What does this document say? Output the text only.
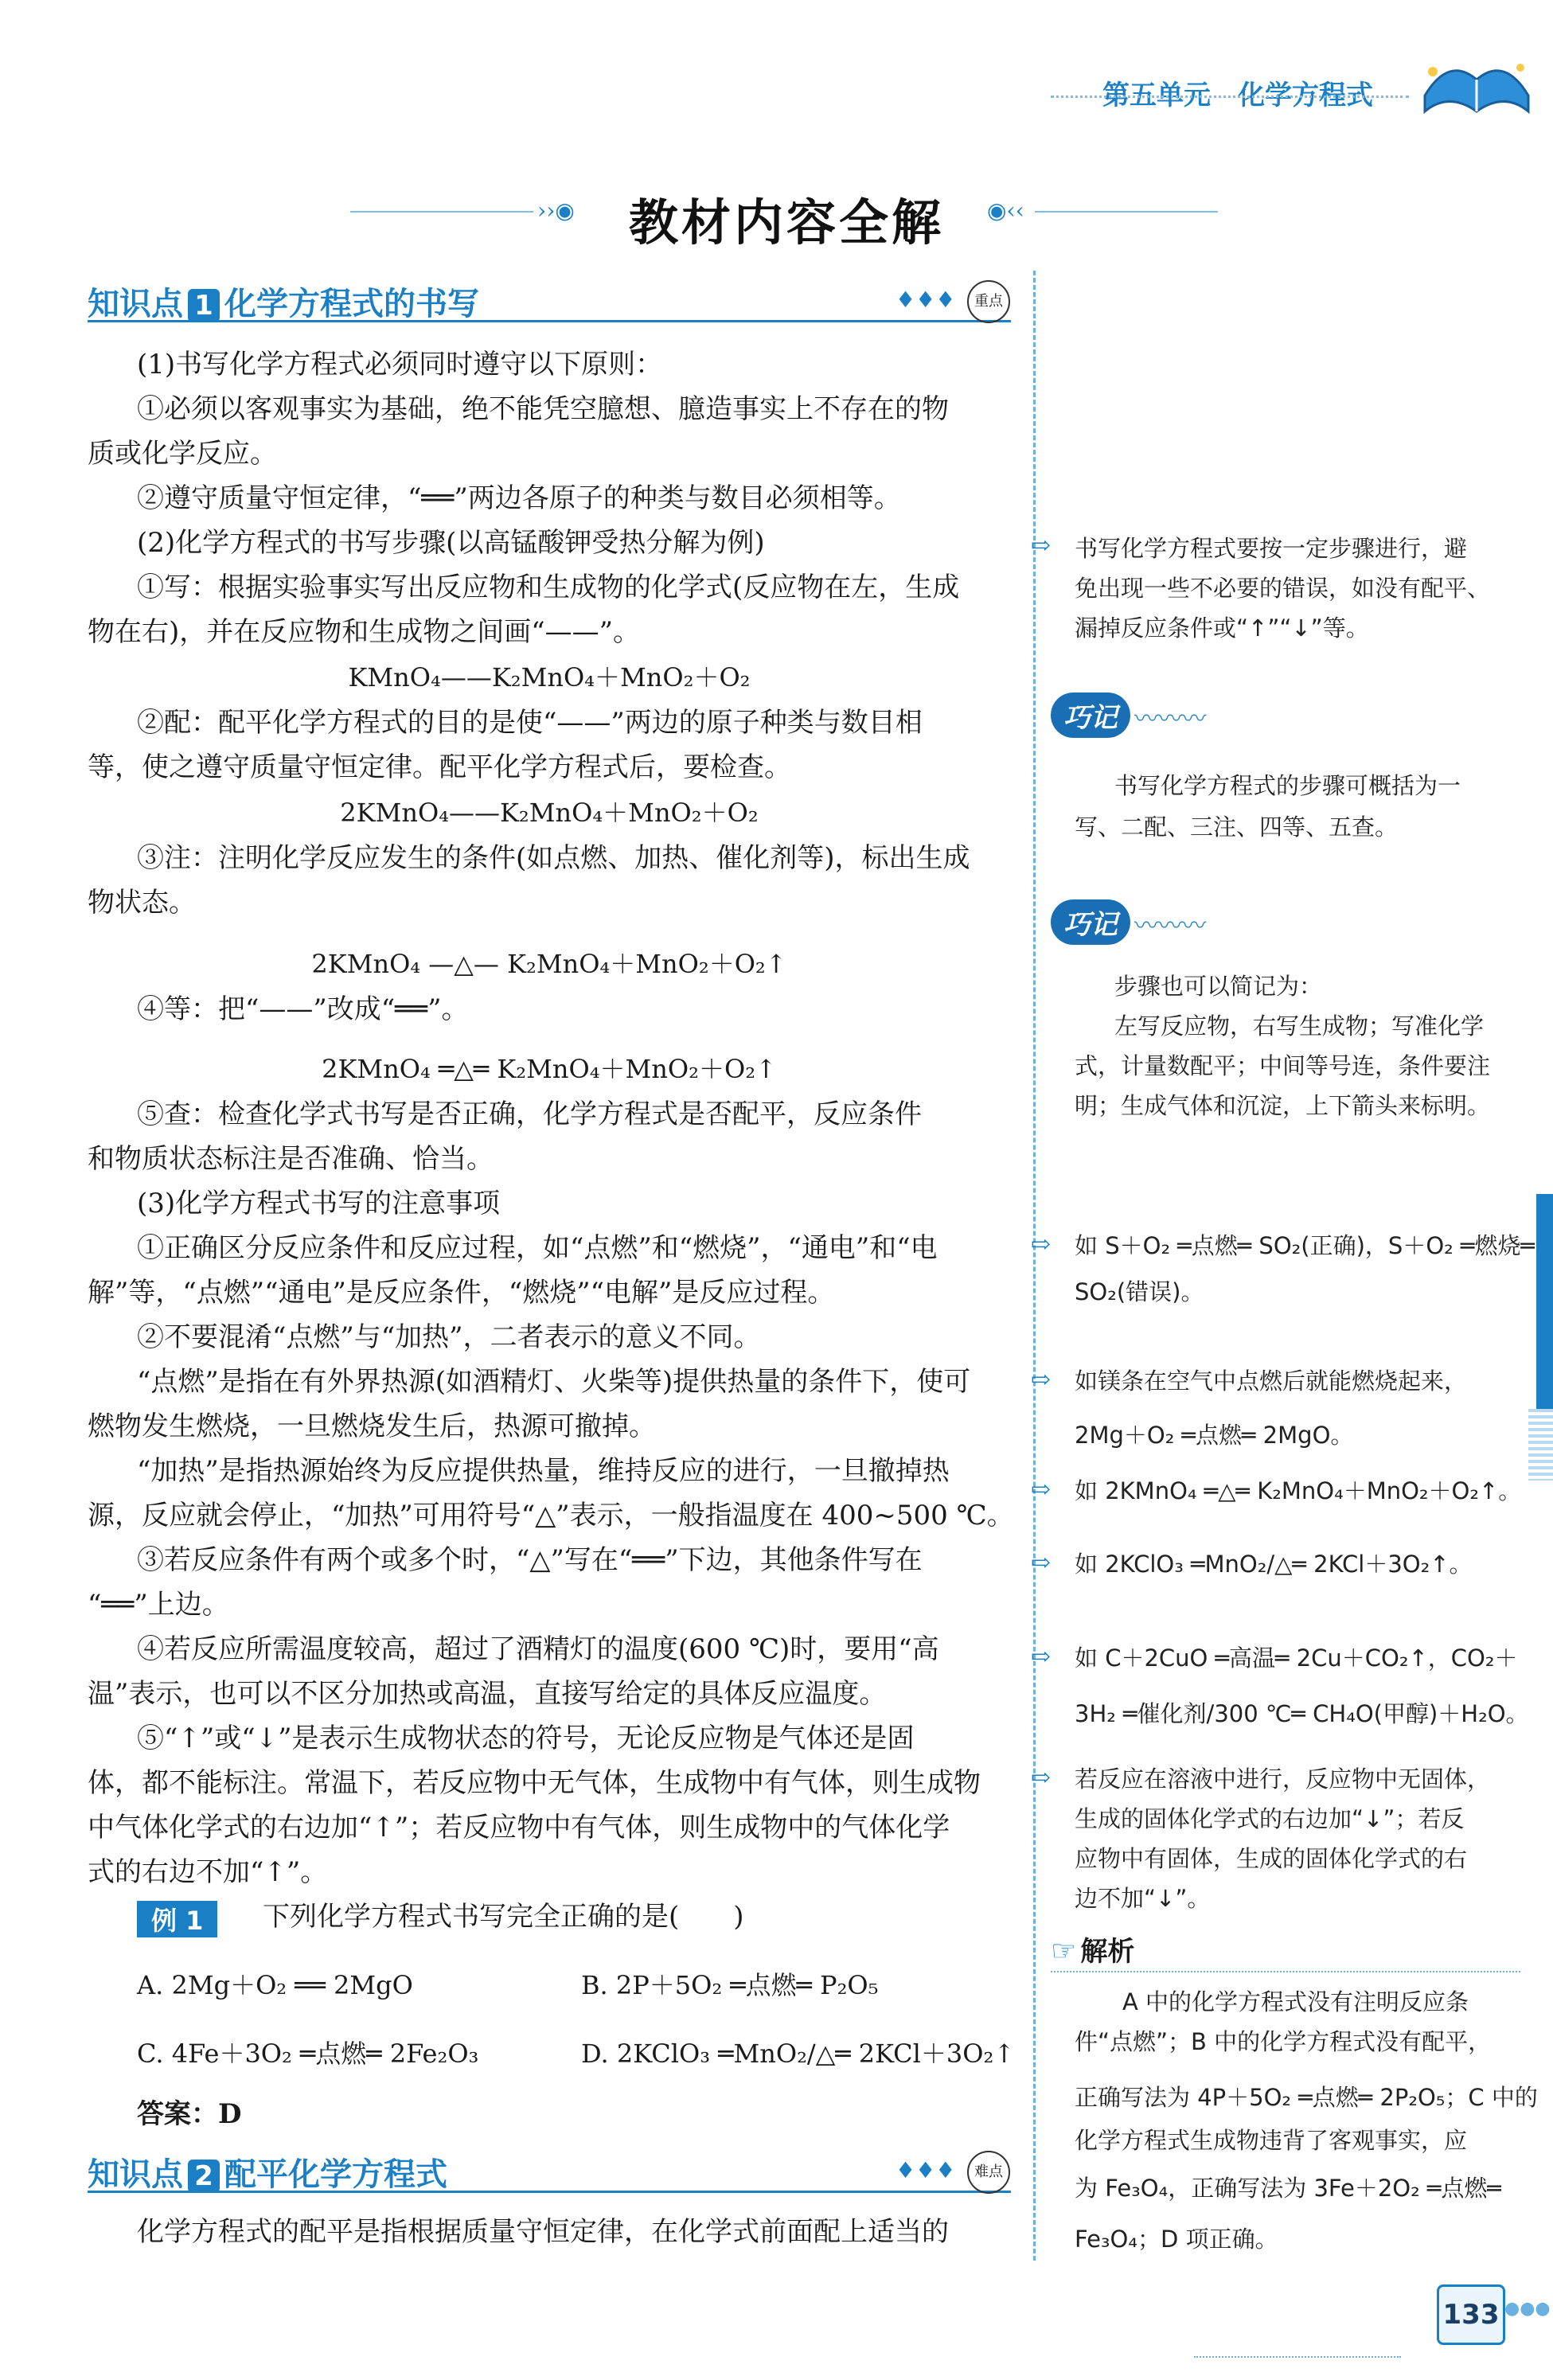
第五单元 化学方程式
››◉ 教材内容全解 ◉‹‹
知识点 1 化学方程式的书写	♦♦♦	重点
(1)书写化学方程式必须同时遵守以下原则：
①必须以客观事实为基础，绝不能凭空臆想、臆造事实上不存在的物
质或化学反应。
②遵守质量守恒定律，“══”两边各原子的种类与数目必须相等。
(2)化学方程式的书写步骤(以高锰酸钾受热分解为例)
①写：根据实验事实写出反应物和生成物的化学式(反应物在左，生成
物在右)，并在反应物和生成物之间画“——”。
KMnO₄——K₂MnO₄＋MnO₂＋O₂
②配：配平化学方程式的目的是使“——”两边的原子种类与数目相
等，使之遵守质量守恒定律。配平化学方程式后，要检查。
2KMnO₄——K₂MnO₄＋MnO₂＋O₂
③注：注明化学反应发生的条件(如点燃、加热、催化剂等)，标出生成
物状态。
2KMnO₄ —△— K₂MnO₄＋MnO₂＋O₂↑
④等：把“——”改成“══”。
2KMnO₄ ═△═ K₂MnO₄＋MnO₂＋O₂↑
⑤查：检查化学式书写是否正确，化学方程式是否配平，反应条件
和物质状态标注是否准确、恰当。
(3)化学方程式书写的注意事项
①正确区分反应条件和反应过程，如“点燃”和“燃烧”，“通电”和“电
解”等，“点燃”“通电”是反应条件，“燃烧”“电解”是反应过程。
②不要混淆“点燃”与“加热”，二者表示的意义不同。
“点燃”是指在有外界热源(如酒精灯、火柴等)提供热量的条件下，使可
燃物发生燃烧，一旦燃烧发生后，热源可撤掉。
“加热”是指热源始终为反应提供热量，维持反应的进行，一旦撤掉热
源，反应就会停止，“加热”可用符号“△”表示，一般指温度在 400~500 ℃。
③若反应条件有两个或多个时，“△”写在“══”下边，其他条件写在
“══”上边。
④若反应所需温度较高，超过了酒精灯的温度(600 ℃)时，要用“高
温”表示，也可以不区分加热或高温，直接写给定的具体反应温度。
⑤“↑”或“↓”是表示生成物状态的符号，无论反应物是气体还是固
体，都不能标注。常温下，若反应物中无气体，生成物中有气体，则生成物
中气体化学式的右边加“↑”；若反应物中有气体，则生成物中的气体化学
式的右边不加“↑”。
例 1	下列化学方程式书写完全正确的是(　　)
A. 2Mg＋O₂ ══ 2MgO	B. 2P＋5O₂ ═点燃═ P₂O₅
C. 4Fe＋3O₂ ═点燃═ 2Fe₂O₃	D. 2KClO₃ ═MnO₂/△═ 2KCl＋3O₂↑
答案：D
知识点 2 配平化学方程式	♦♦♦	难点
化学方程式的配平是指根据质量守恒定律，在化学式前面配上适当的
⇨	书写化学方程式要按一定步骤进行，避
免出现一些不必要的错误，如没有配平、
漏掉反应条件或“↑”“↓”等。
巧记 〰〰〰
书写化学方程式的步骤可概括为一
写、二配、三注、四等、五查。
巧记 〰〰〰
步骤也可以简记为：
左写反应物，右写生成物；写准化学
式，计量数配平；中间等号连，条件要注
明；生成气体和沉淀，上下箭头来标明。
⇨	如 S＋O₂ ═点燃═ SO₂(正确)，S＋O₂ ═燃烧═
SO₂(错误)。
⇨	如镁条在空气中点燃后就能燃烧起来，
2Mg＋O₂ ═点燃═ 2MgO。
⇨	如 2KMnO₄ ═△═ K₂MnO₄＋MnO₂＋O₂↑。
⇨	如 2KClO₃ ═MnO₂/△═ 2KCl＋3O₂↑。
⇨	如 C＋2CuO ═高温═ 2Cu＋CO₂↑，CO₂＋
3H₂ ═催化剂/300 ℃═ CH₄O(甲醇)＋H₂O。
⇨	若反应在溶液中进行，反应物中无固体，
生成的固体化学式的右边加“↓”；若反
应物中有固体，生成的固体化学式的右
边不加“↓”。
☞ 解析
A 中的化学方程式没有注明反应条
件“点燃”；B 中的化学方程式没有配平，
正确写法为 4P＋5O₂ ═点燃═ 2P₂O₅；C 中的
化学方程式生成物违背了客观事实，应
为 Fe₃O₄，正确写法为 3Fe＋2O₂ ═点燃═
Fe₃O₄；D 项正确。
133 ●●●
